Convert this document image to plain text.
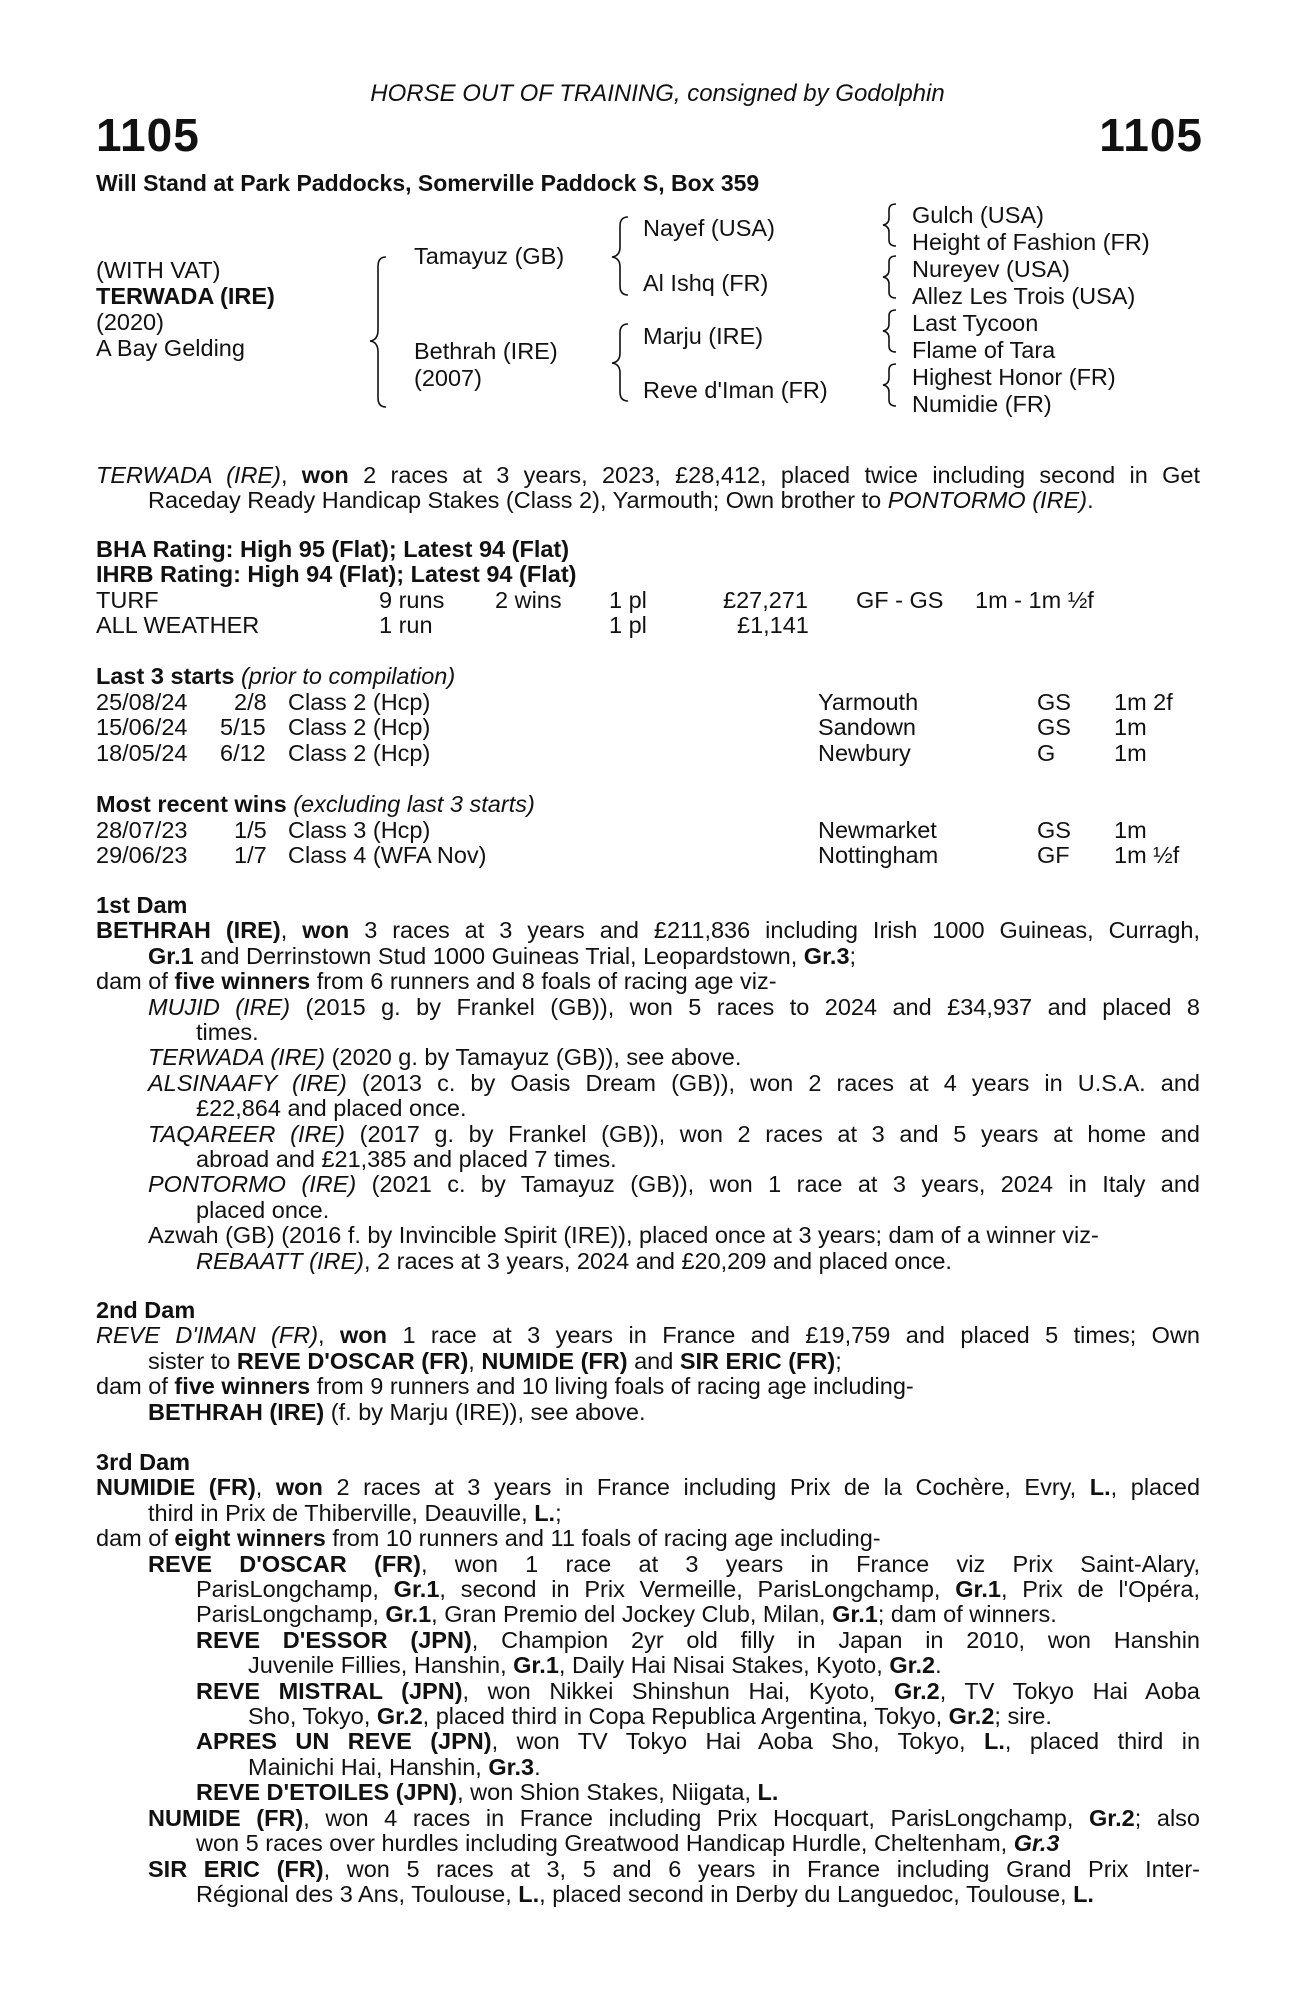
HORSE OUT OF TRAINING, consigned by Godolphin
1105	1105
Will Stand at Park Paddocks, Somerville Paddock S, Box 359
(WITH VAT)
TERWADA (IRE)
(2020)
A Bay Gelding
Tamayuz (GB)
Bethrah (IRE)
(2007)
Nayef (USA)
Al Ishq (FR)
Marju (IRE)
Reve d'Iman (FR)
Gulch (USA)
Height of Fashion (FR)
Nureyev (USA)
Allez Les Trois (USA)
Last Tycoon
Flame of Tara
Highest Honor (FR)
Numidie (FR)
TERWADA (IRE), won 2 races at 3 years, 2023, £28,412, placed twice including second in Get
Raceday Ready Handicap Stakes (Class 2), Yarmouth; Own brother to PONTORMO (IRE).
BHA Rating: High 95 (Flat); Latest 94 (Flat)
IHRB Rating: High 94 (Flat); Latest 94 (Flat)
TURF	9 runs 2 wins 1 pl	£27,271 GF - GS 1m - 1m ½f
ALL WEATHER	1 run	1 pl	£1,141
Last 3 starts (prior to compilation)
25/08/24 2/8 Class 2 (Hcp)	Yarmouth	GS 1m 2f
15/06/24 5/15 Class 2 (Hcp)	Sandown	GS 1m
18/05/24 6/12 Class 2 (Hcp)	Newbury	G 1m
Most recent wins (excluding last 3 starts)
28/07/23 1/5 Class 3 (Hcp)	Newmarket	GS 1m
29/06/23 1/7 Class 4 (WFA Nov)	Nottingham	GF 1m ½f
1st Dam
BETHRAH (IRE), won 3 races at 3 years and £211,836 including Irish 1000 Guineas, Curragh,
Gr.1 and Derrinstown Stud 1000 Guineas Trial, Leopardstown, Gr.3;
dam of five winners from 6 runners and 8 foals of racing age viz-
MUJID (IRE) (2015 g. by Frankel (GB)), won 5 races to 2024 and £34,937 and placed 8
times.
TERWADA (IRE) (2020 g. by Tamayuz (GB)), see above.
ALSINAAFY (IRE) (2013 c. by Oasis Dream (GB)), won 2 races at 4 years in U.S.A. and
£22,864 and placed once.
TAQAREER (IRE) (2017 g. by Frankel (GB)), won 2 races at 3 and 5 years at home and
abroad and £21,385 and placed 7 times.
PONTORMO (IRE) (2021 c. by Tamayuz (GB)), won 1 race at 3 years, 2024 in Italy and
placed once.
Azwah (GB) (2016 f. by Invincible Spirit (IRE)), placed once at 3 years; dam of a winner viz-
REBAATT (IRE), 2 races at 3 years, 2024 and £20,209 and placed once.
2nd Dam
REVE D'IMAN (FR), won 1 race at 3 years in France and £19,759 and placed 5 times; Own
sister to REVE D'OSCAR (FR), NUMIDE (FR) and SIR ERIC (FR);
dam of five winners from 9 runners and 10 living foals of racing age including-
BETHRAH (IRE) (f. by Marju (IRE)), see above.
3rd Dam
NUMIDIE (FR), won 2 races at 3 years in France including Prix de la Cochère, Evry, L., placed
third in Prix de Thiberville, Deauville, L.;
dam of eight winners from 10 runners and 11 foals of racing age including-
REVE D'OSCAR (FR), won 1 race at 3 years in France viz Prix Saint-Alary,
ParisLongchamp, Gr.1, second in Prix Vermeille, ParisLongchamp, Gr.1, Prix de l'Opéra,
ParisLongchamp, Gr.1, Gran Premio del Jockey Club, Milan, Gr.1; dam of winners.
REVE D'ESSOR (JPN), Champion 2yr old filly in Japan in 2010, won Hanshin
Juvenile Fillies, Hanshin, Gr.1, Daily Hai Nisai Stakes, Kyoto, Gr.2.
REVE MISTRAL (JPN), won Nikkei Shinshun Hai, Kyoto, Gr.2, TV Tokyo Hai Aoba
Sho, Tokyo, Gr.2, placed third in Copa Republica Argentina, Tokyo, Gr.2; sire.
APRES UN REVE (JPN), won TV Tokyo Hai Aoba Sho, Tokyo, L., placed third in
Mainichi Hai, Hanshin, Gr.3.
REVE D'ETOILES (JPN), won Shion Stakes, Niigata, L.
NUMIDE (FR), won 4 races in France including Prix Hocquart, ParisLongchamp, Gr.2; also
won 5 races over hurdles including Greatwood Handicap Hurdle, Cheltenham, Gr.3
SIR ERIC (FR), won 5 races at 3, 5 and 6 years in France including Grand Prix Inter-
Régional des 3 Ans, Toulouse, L., placed second in Derby du Languedoc, Toulouse, L.
